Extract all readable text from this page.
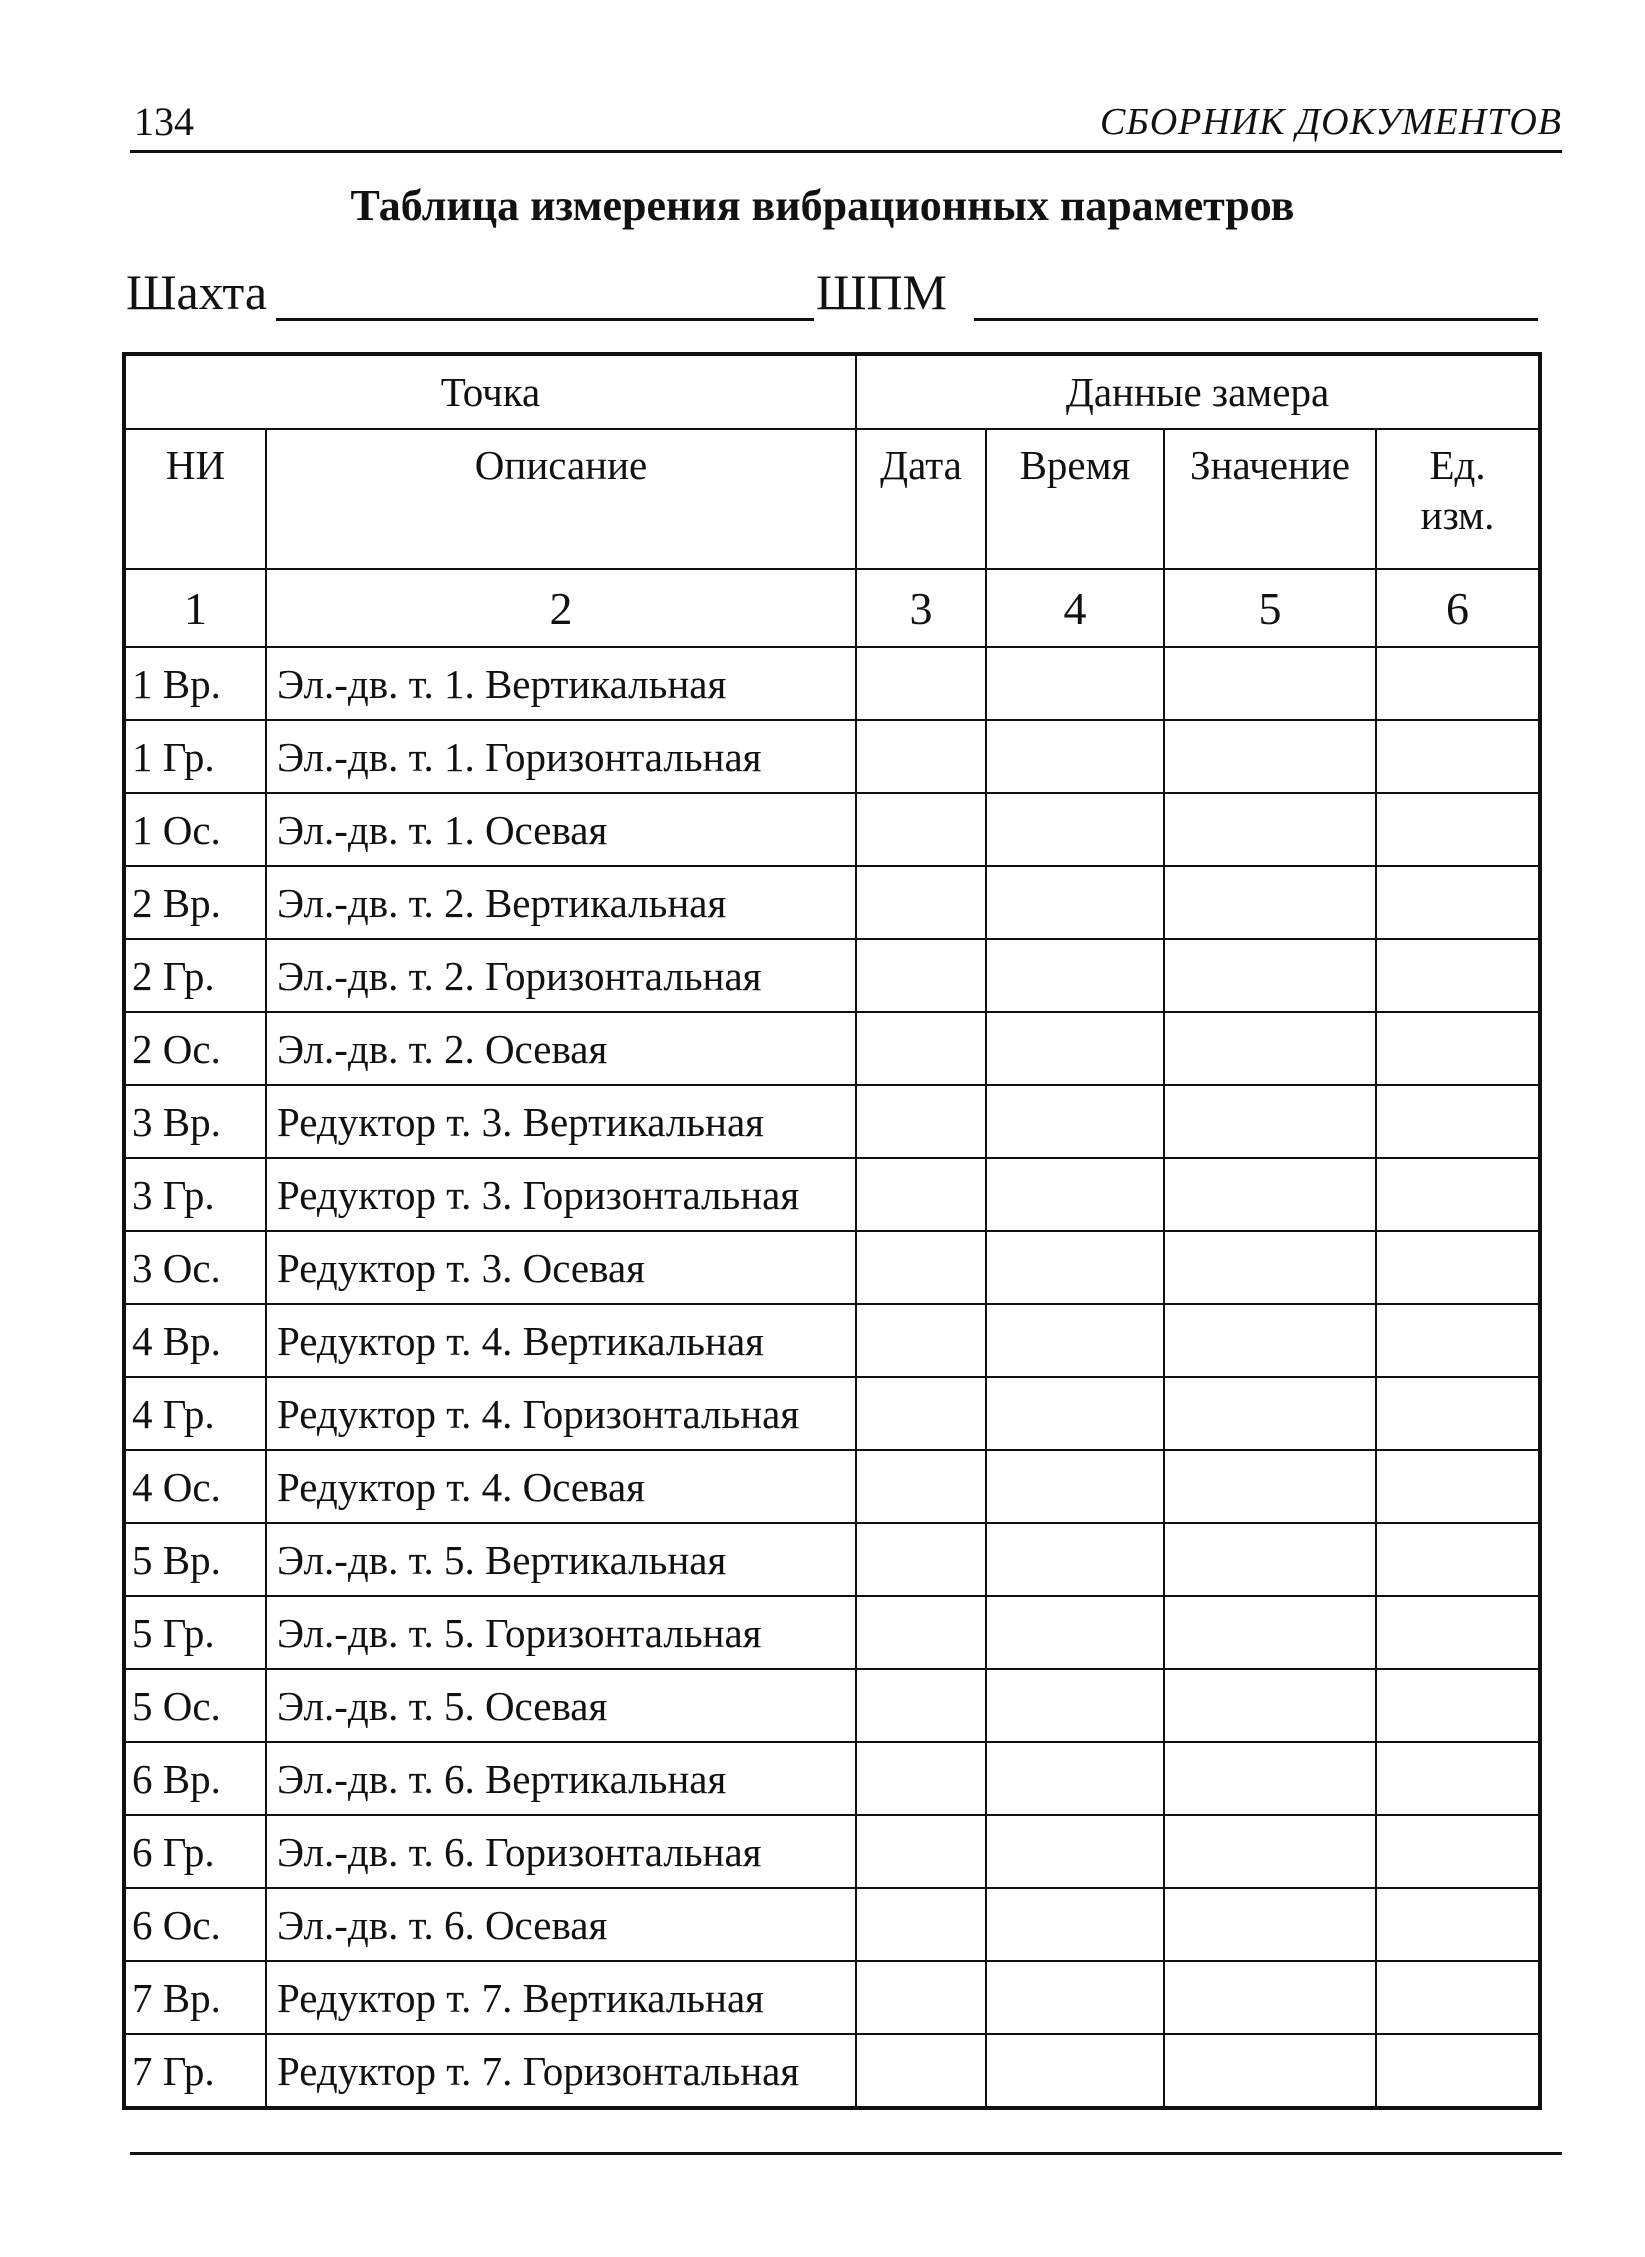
134	СБОРНИК ДОКУМЕНТОВ
Таблица измерения вибрационных параметров
Шахта	ШПМ
Точка		Данные замера			
НИ	Описание	Дата	Время	Значение	Ед. изм.
1	2	3	4	5	6
1 Вр.	Эл.-дв. т. 1. Вертикальная				
1 Гр.	Эл.-дв. т. 1. Горизонтальная				
1 Ос.	Эл.-дв. т. 1. Осевая				
2 Вр.	Эл.-дв. т. 2. Вертикальная				
2 Гр.	Эл.-дв. т. 2. Горизонтальная				
2 Ос.	Эл.-дв. т. 2. Осевая				
3 Вр.	Редуктор т. 3. Вертикальная				
3 Гр.	Редуктор т. 3. Горизонтальная				
3 Ос.	Редуктор т. 3. Осевая				
4 Вр.	Редуктор т. 4. Вертикальная				
4 Гр.	Редуктор т. 4. Горизонтальная				
4 Ос.	Редуктор т. 4. Осевая				
5 Вр.	Эл.-дв. т. 5. Вертикальная				
5 Гр.	Эл.-дв. т. 5. Горизонтальная				
5 Ос.	Эл.-дв. т. 5. Осевая				
6 Вр.	Эл.-дв. т. 6. Вертикальная				
6 Гр.	Эл.-дв. т. 6. Горизонтальная				
6 Ос.	Эл.-дв. т. 6. Осевая				
7 Вр.	Редуктор т. 7. Вертикальная				
7 Гр.	Редуктор т. 7. Горизонтальная				
